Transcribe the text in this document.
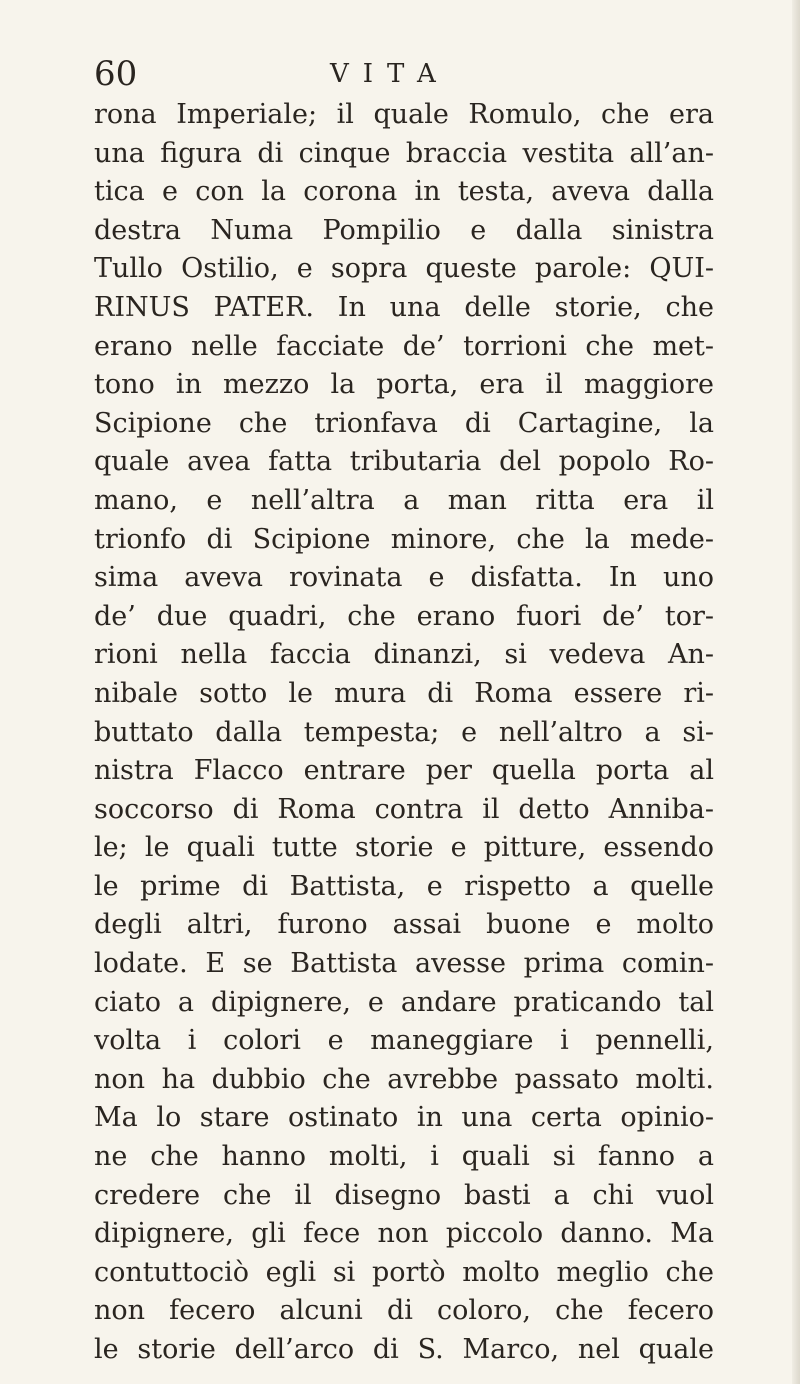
60	VITA
rona Imperiale; il quale Romulo, che era
una figura di cinque braccia vestita all’an-
tica e con la corona in testa, aveva dalla
destra Numa Pompilio e dalla sinistra
Tullo Ostilio, e sopra queste parole: QUI-
RINUS PATER. In una delle storie, che
erano nelle facciate de’ torrioni che met-
tono in mezzo la porta, era il maggiore
Scipione che trionfava di Cartagine, la
quale avea fatta tributaria del popolo Ro-
mano, e nell’altra a man ritta era il
trionfo di Scipione minore, che la mede-
sima aveva rovinata e disfatta. In uno
de’ due quadri, che erano fuori de’ tor-
rioni nella faccia dinanzi, si vedeva An-
nibale sotto le mura di Roma essere ri-
buttato dalla tempesta; e nell’altro a si-
nistra Flacco entrare per quella porta al
soccorso di Roma contra il detto Anniba-
le; le quali tutte storie e pitture, essendo
le prime di Battista, e rispetto a quelle
degli altri, furono assai buone e molto
lodate. E se Battista avesse prima comin-
ciato a dipignere, e andare praticando tal
volta i colori e maneggiare i pennelli,
non ha dubbio che avrebbe passato molti.
Ma lo stare ostinato in una certa opinio-
ne che hanno molti, i quali si fanno a
credere che il disegno basti a chi vuol
dipignere, gli fece non piccolo danno. Ma
contuttociò egli si portò molto meglio che
non fecero alcuni di coloro, che fecero
le storie dell’arco di S. Marco, nel quale
